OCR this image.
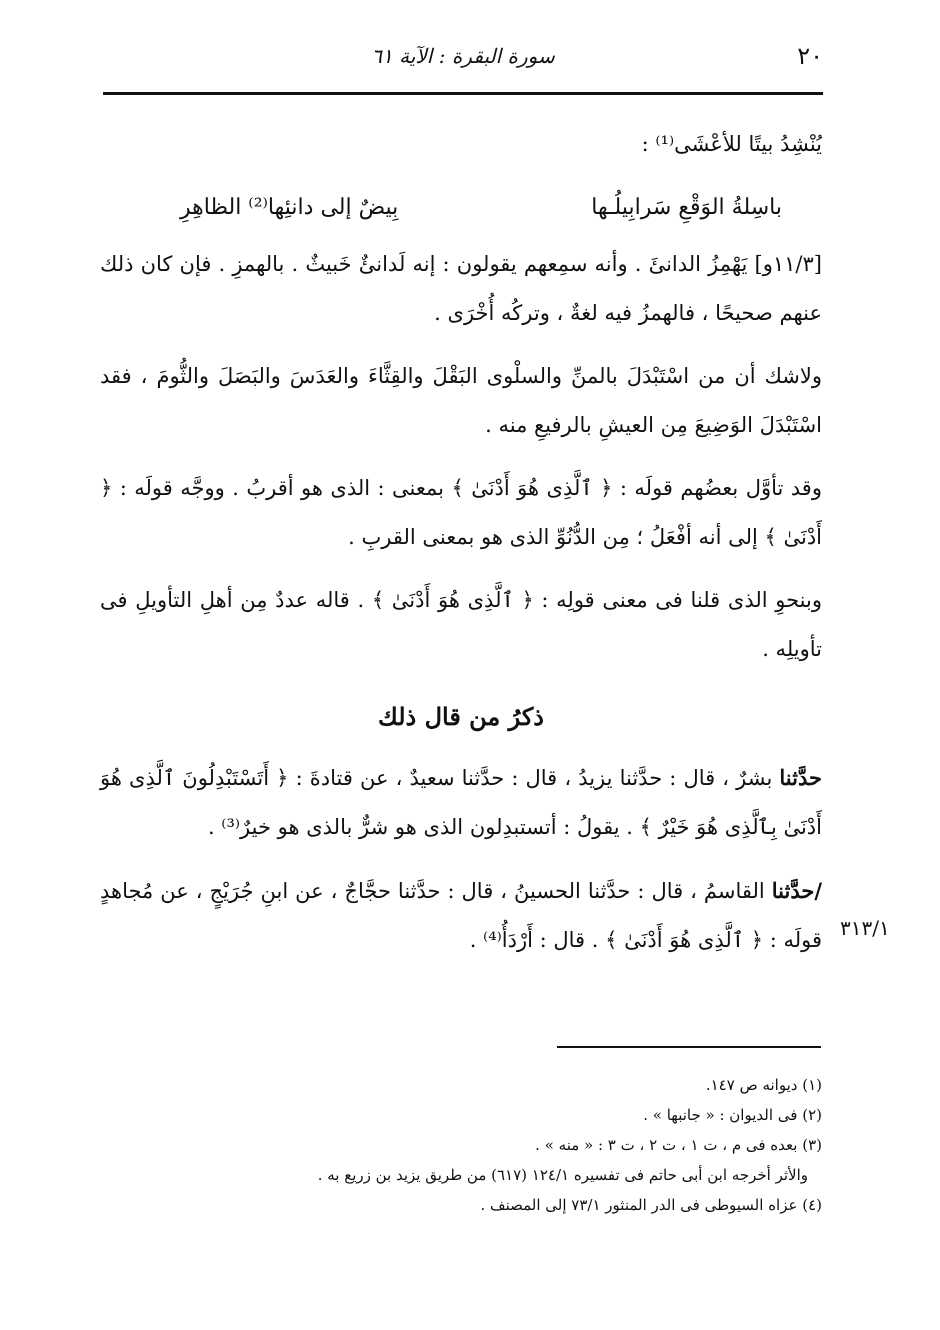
٢٠
سورة البقرة : الآية ٦١

يُنْشِدُ بيتًا للأعْشَى⁽¹⁾ :

باسِلةُ الوَقْعِ سَرابِيلُـها
بِيضٌ إلى دانئِها⁽²⁾ الظاهِرِ

[١١/٣و] يَهْمِزُ الدانئَ . وأنه سمِعهم يقولون : إنه لَدانئٌ خَبيثٌ . بالهمزِ . فإن كان ذلك عنهم صحيحًا ، فالهمزُ فيه لغةٌ ، وتركُه أُخْرَى .

ولاشك أن من اسْتَبْدَلَ بالمنِّ والسلْوى البَقْلَ والقِثَّاءَ والعَدَسَ والبَصَلَ والثُّومَ ، فقد اسْتَبْدَلَ الوَضِيعَ مِن العيشِ بالرفيعِ منه .

وقد تأوَّل بعضُهم قولَه : ﴿ ٱلَّذِى هُوَ أَدْنَىٰ ﴾ بمعنى : الذى هو أقربُ . ووجَّه قولَه : ﴿ أَدْنَىٰ ﴾ إلى أنه أفْعَلُ ؛ مِن الدُّنُوِّ الذى هو بمعنى القربِ .

وبنحوِ الذى قلنا فى معنى قولِه : ﴿ ٱلَّذِى هُوَ أَدْنَىٰ ﴾ . قاله عددٌ مِن أهلِ التأويلِ فى تأويلِه .

ذكرُ من قال ذلك

حدَّثنا بشرٌ ، قال : حدَّثنا يزيدُ ، قال : حدَّثنا سعيدٌ ، عن قتادةَ : ﴿ أَتَسْتَبْدِلُونَ ٱلَّذِى هُوَ أَدْنَىٰ بِٱلَّذِى هُوَ خَيْرٌ ﴾ . يقولُ : أتستبدِلون الذى هو شرٌّ بالذى هو خيرٌ⁽³⁾ .

/حدَّثنا القاسمُ ، قال : حدَّثنا الحسينُ ، قال : حدَّثنا حجَّاجٌ ، عن ابنِ جُرَيْجٍ ، عن مُجاهدٍ قولَه : ﴿ ٱلَّذِى هُوَ أَدْنَىٰ ﴾ . قال : أَرْدَأُ⁽⁴⁾ . ٣١٣/١

(١) ديوانه ص ١٤٧.

(٢) فى الديوان : « جانبها » .

(٣) بعده فى م ، ت ١ ، ت ٢ ، ت ٣ : « منه » .

والأثر أخرجه ابن أبى حاتم فى تفسيره ١٢٤/١ (٦١٧) من طريق يزيد بن زريع به .

(٤) عزاه السيوطى فى الدر المنثور ٧٣/١ إلى المصنف .
